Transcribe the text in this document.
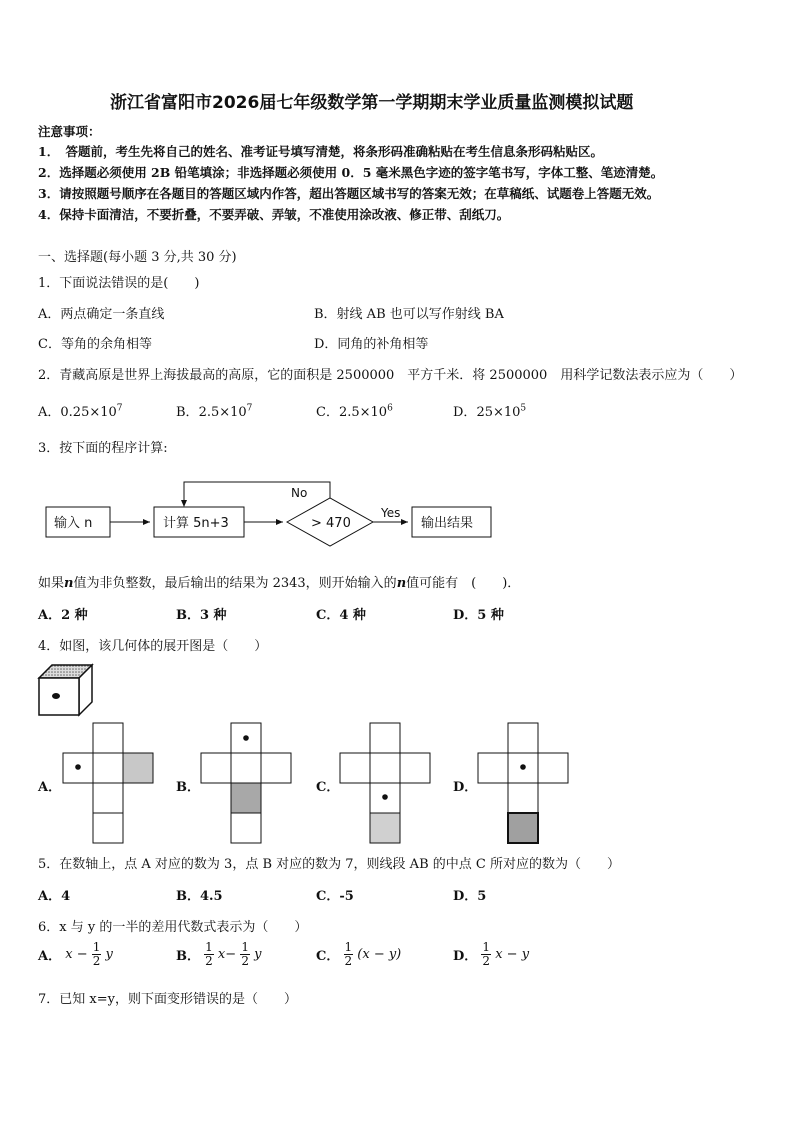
浙江省富阳市2026届七年级数学第一学期期末学业质量监测模拟试题
注意事项：
1．　答题前，考生先将自己的姓名、准考证号填写清楚，将条形码准确粘贴在考生信息条形码粘贴区。
2．选择题必须使用 2B 铅笔填涂；非选择题必须使用 0．5 毫米黑色字迹的签字笔书写，字体工整、笔迹清楚。
3．请按照题号顺序在各题目的答题区域内作答，超出答题区域书写的答案无效；在草稿纸、试题卷上答题无效。
4．保持卡面清洁，不要折叠，不要弄破、弄皱，不准使用涂改液、修正带、刮纸刀。
一、选择题(每小题 3 分,共 30 分)
1．下面说法错误的是(　　)
A．两点确定一条直线	B．射线 AB 也可以写作射线 BA
C．等角的余角相等	D．同角的补角相等
2．青藏高原是世界上海拔最高的高原，它的面积是 2500000　平方千米．将 2500000　用科学记数法表示应为（　　）
A．$0.25\times 10^7$	B．$2.5\times 10^7$	C．$2.5\times 10^6$	D．$25\times 10^5$
3．按下面的程序计算:
输入 n	计算 5n+3	> 470	输出结果
No
Yes
如果n值为非负整数，最后输出的结果为 2343，则开始输入的n值可能有　(　　)．
A．2 种	B．3 种	C．4 种	D．5 种
4．如图，该几何体的展开图是（　　）
A．	B．	C．	D．
5．在数轴上，点 A 对应的数为 3，点 B 对应的数为 7，则线段 AB 的中点 C 所对应的数为（　　）
A．4	B．4.5	C．-5	D．5
6．x 与 y 的一半的差用代数式表示为（　　）
A． $x - \frac{1}{2}$ y	B． $\frac{1}{2} x- \frac{1}{2}$ y	C． $\frac{1}{2} (x - y)$	D． $\frac{1}{2}$ x − y
7．已知 x=y，则下面变形错误的是（　　）
